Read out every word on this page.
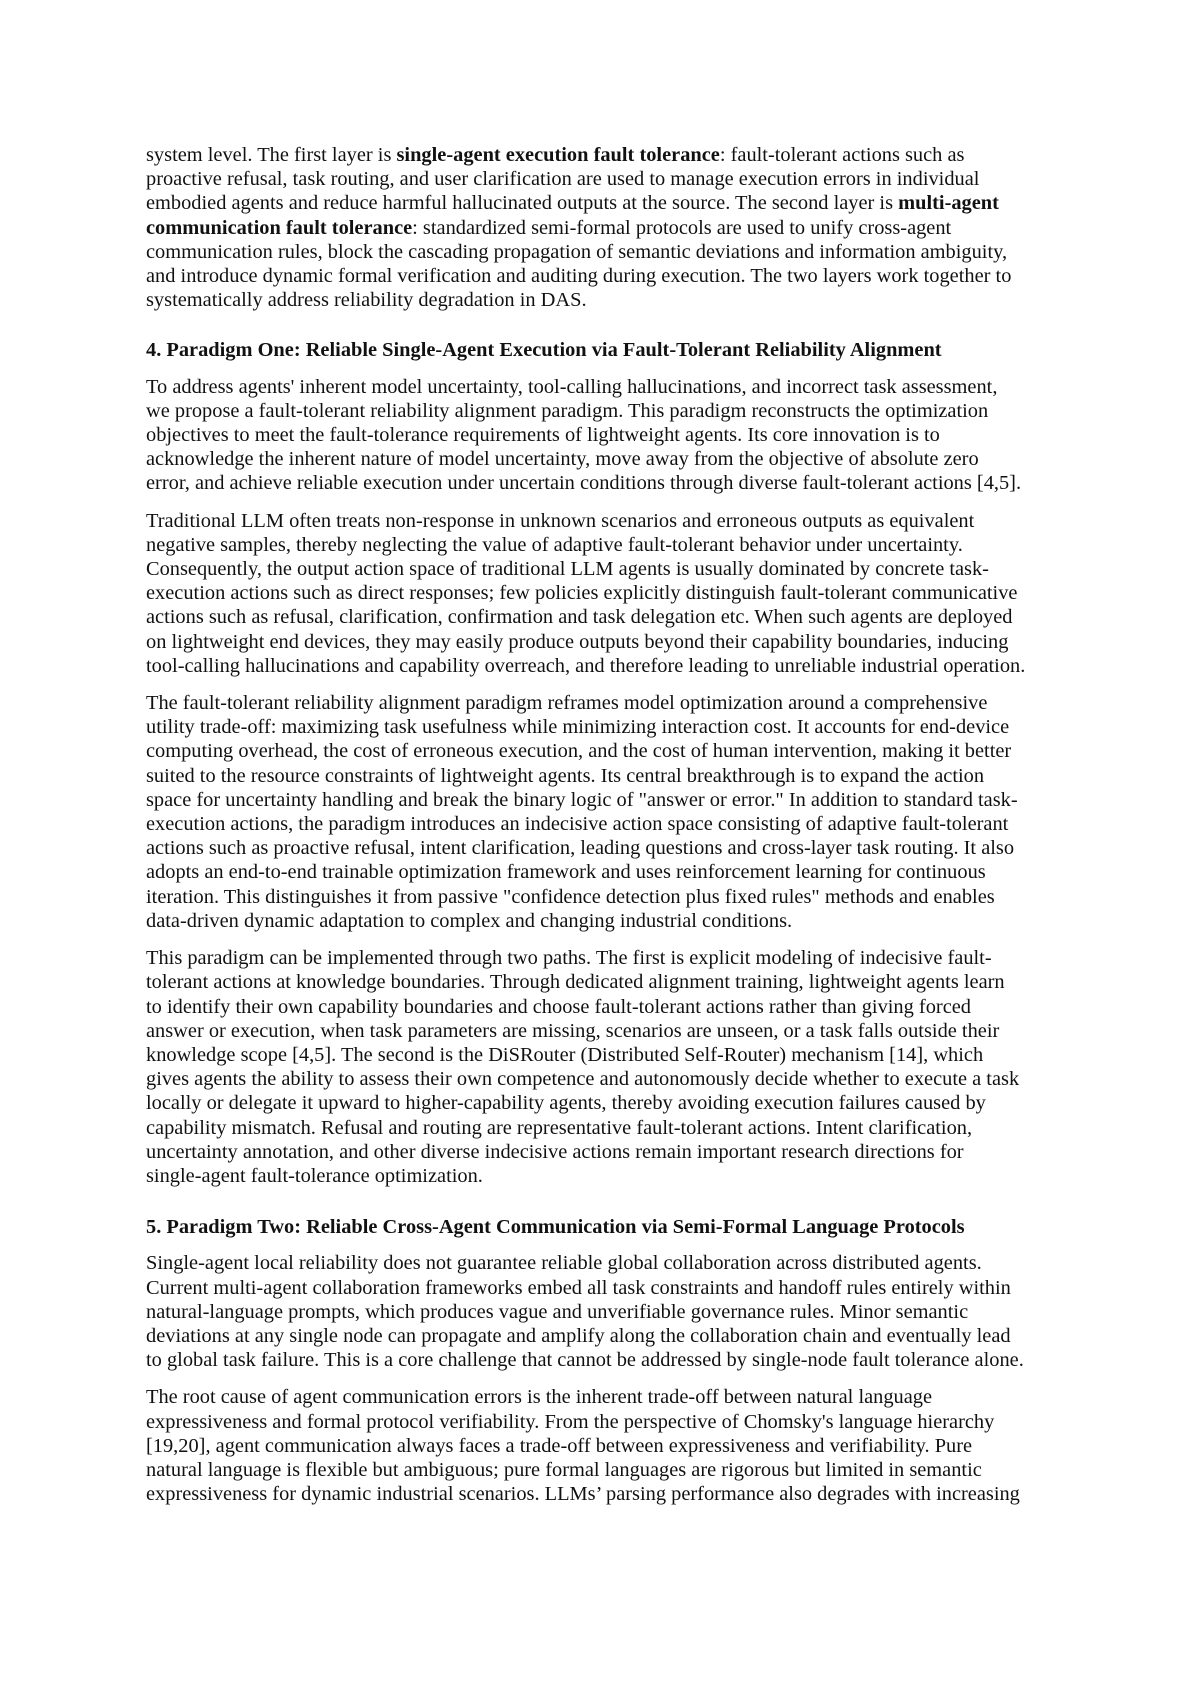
system level. The first layer is single-agent execution fault tolerance: fault-tolerant actions such as
proactive refusal, task routing, and user clarification are used to manage execution errors in individual
embodied agents and reduce harmful hallucinated outputs at the source. The second layer is multi-agent
communication fault tolerance: standardized semi-formal protocols are used to unify cross-agent
communication rules, block the cascading propagation of semantic deviations and information ambiguity,
and introduce dynamic formal verification and auditing during execution. The two layers work together to
systematically address reliability degradation in DAS.

4. Paradigm One: Reliable Single-Agent Execution via Fault-Tolerant Reliability Alignment

To address agents' inherent model uncertainty, tool-calling hallucinations, and incorrect task assessment,
we propose a fault-tolerant reliability alignment paradigm. This paradigm reconstructs the optimization
objectives to meet the fault-tolerance requirements of lightweight agents. Its core innovation is to
acknowledge the inherent nature of model uncertainty, move away from the objective of absolute zero
error, and achieve reliable execution under uncertain conditions through diverse fault-tolerant actions [4,5].

Traditional LLM often treats non-response in unknown scenarios and erroneous outputs as equivalent
negative samples, thereby neglecting the value of adaptive fault-tolerant behavior under uncertainty.
Consequently, the output action space of traditional LLM agents is usually dominated by concrete task-
execution actions such as direct responses; few policies explicitly distinguish fault-tolerant communicative
actions such as refusal, clarification, confirmation and task delegation etc. When such agents are deployed
on lightweight end devices, they may easily produce outputs beyond their capability boundaries, inducing
tool-calling hallucinations and capability overreach, and therefore leading to unreliable industrial operation.

The fault-tolerant reliability alignment paradigm reframes model optimization around a comprehensive
utility trade-off: maximizing task usefulness while minimizing interaction cost. It accounts for end-device
computing overhead, the cost of erroneous execution, and the cost of human intervention, making it better
suited to the resource constraints of lightweight agents. Its central breakthrough is to expand the action
space for uncertainty handling and break the binary logic of "answer or error." In addition to standard task-
execution actions, the paradigm introduces an indecisive action space consisting of adaptive fault-tolerant
actions such as proactive refusal, intent clarification, leading questions and cross-layer task routing. It also
adopts an end-to-end trainable optimization framework and uses reinforcement learning for continuous
iteration. This distinguishes it from passive "confidence detection plus fixed rules" methods and enables
data-driven dynamic adaptation to complex and changing industrial conditions.

This paradigm can be implemented through two paths. The first is explicit modeling of indecisive fault-
tolerant actions at knowledge boundaries. Through dedicated alignment training, lightweight agents learn
to identify their own capability boundaries and choose fault-tolerant actions rather than giving forced
answer or execution, when task parameters are missing, scenarios are unseen, or a task falls outside their
knowledge scope [4,5]. The second is the DiSRouter (Distributed Self-Router) mechanism [14], which
gives agents the ability to assess their own competence and autonomously decide whether to execute a task
locally or delegate it upward to higher-capability agents, thereby avoiding execution failures caused by
capability mismatch. Refusal and routing are representative fault-tolerant actions. Intent clarification,
uncertainty annotation, and other diverse indecisive actions remain important research directions for
single-agent fault-tolerance optimization.

5. Paradigm Two: Reliable Cross-Agent Communication via Semi-Formal Language Protocols

Single-agent local reliability does not guarantee reliable global collaboration across distributed agents.
Current multi-agent collaboration frameworks embed all task constraints and handoff rules entirely within
natural-language prompts, which produces vague and unverifiable governance rules. Minor semantic
deviations at any single node can propagate and amplify along the collaboration chain and eventually lead
to global task failure. This is a core challenge that cannot be addressed by single-node fault tolerance alone.

The root cause of agent communication errors is the inherent trade-off between natural language
expressiveness and formal protocol verifiability. From the perspective of Chomsky's language hierarchy
[19,20], agent communication always faces a trade-off between expressiveness and verifiability. Pure
natural language is flexible but ambiguous; pure formal languages are rigorous but limited in semantic
expressiveness for dynamic industrial scenarios. LLMs’ parsing performance also degrades with increasing
